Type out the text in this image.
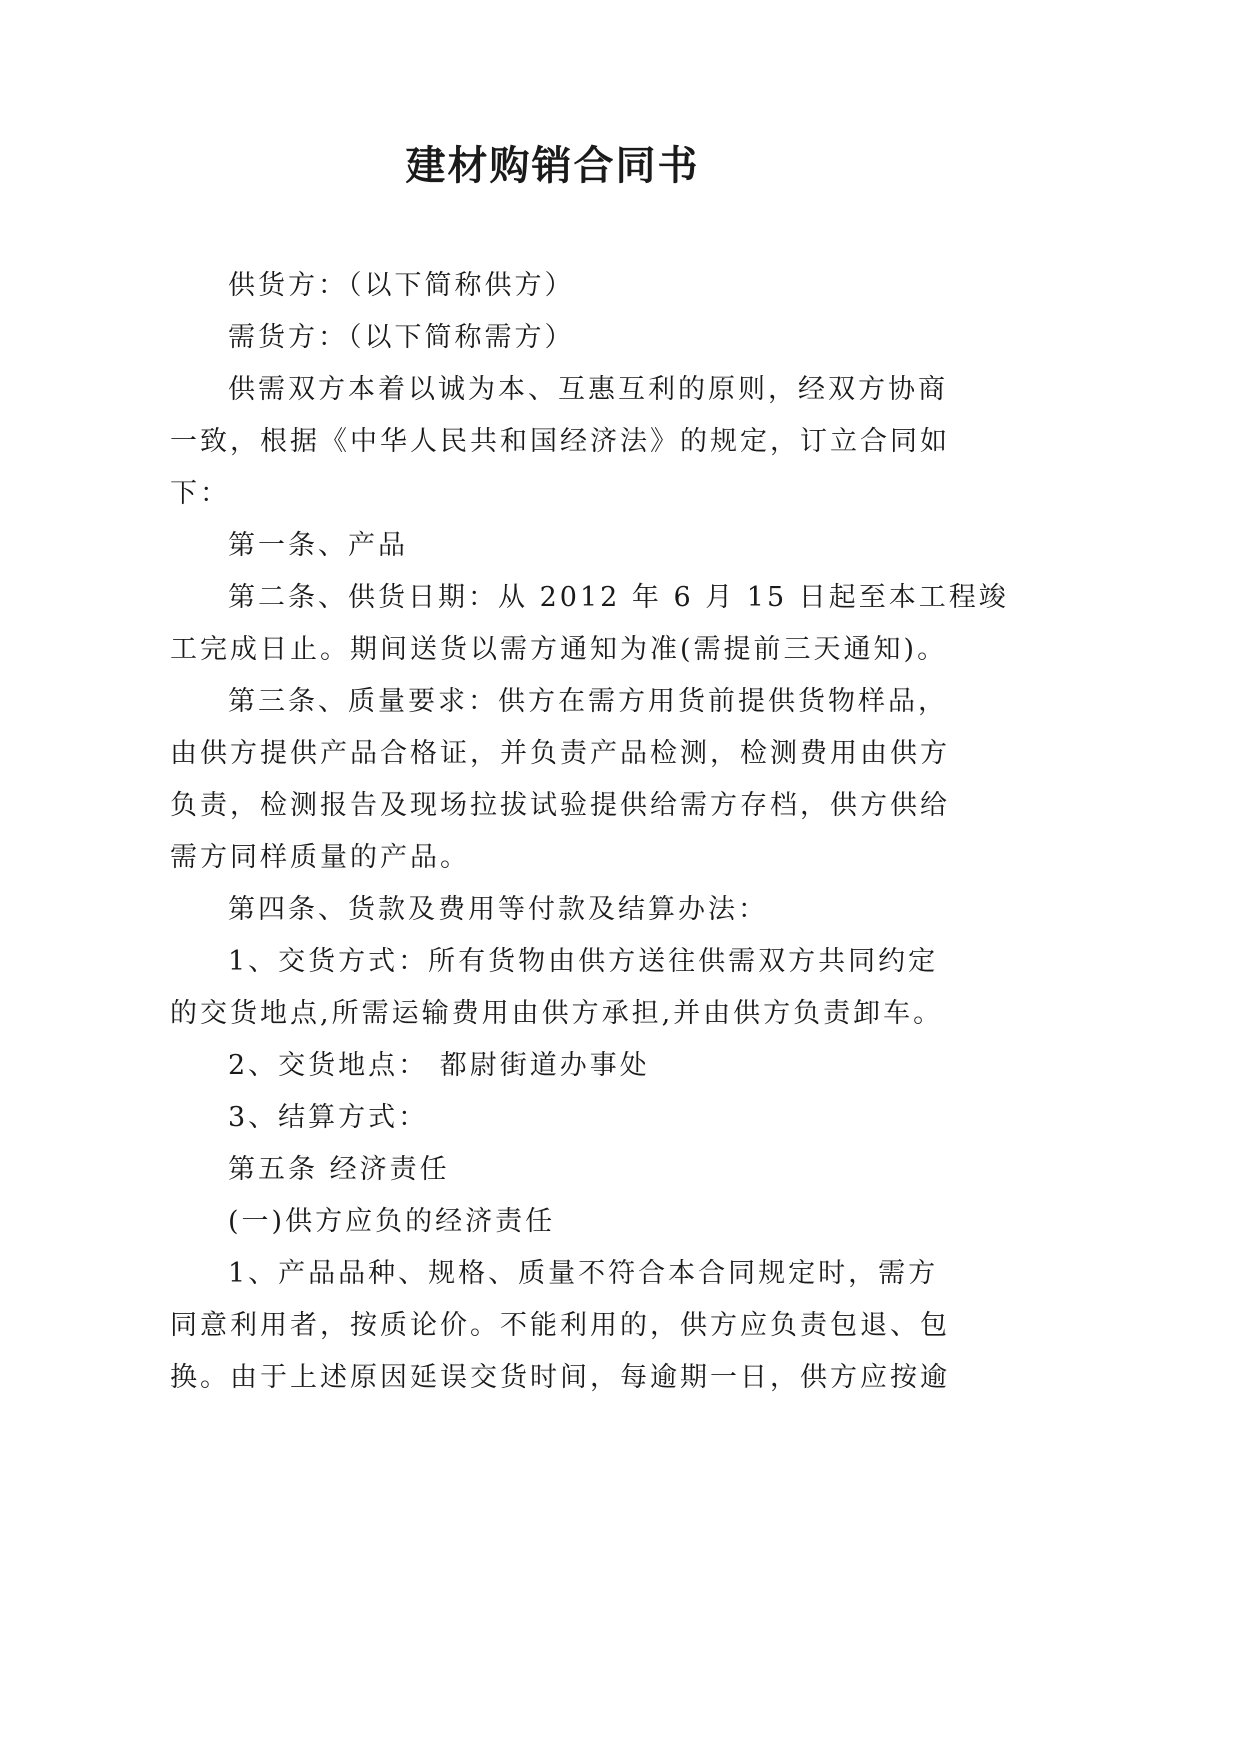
建材购销合同书
供货方：（以下简称供方）
需货方：（以下简称需方）
供需双方本着以诚为本、互惠互利的原则，经双方协商
一致，根据《中华人民共和国经济法》的规定，订立合同如
下：
第一条、产品
第二条、供货日期：从 2012 年 6 月 15 日起至本工程竣
工完成日止。期间送货以需方通知为准(需提前三天通知)。
第三条、质量要求：供方在需方用货前提供货物样品，
由供方提供产品合格证，并负责产品检测，检测费用由供方
负责，检测报告及现场拉拔试验提供给需方存档，供方供给
需方同样质量的产品。
第四条、货款及费用等付款及结算办法：
1、交货方式：所有货物由供方送往供需双方共同约定
的交货地点,所需运输费用由供方承担,并由供方负责卸车。
2、交货地点： 都尉街道办事处
3、结算方式：
第五条 经济责任
(一)供方应负的经济责任
1、产品品种、规格、质量不符合本合同规定时，需方
同意利用者，按质论价。不能利用的，供方应负责包退、包
换。由于上述原因延误交货时间，每逾期一日，供方应按逾
